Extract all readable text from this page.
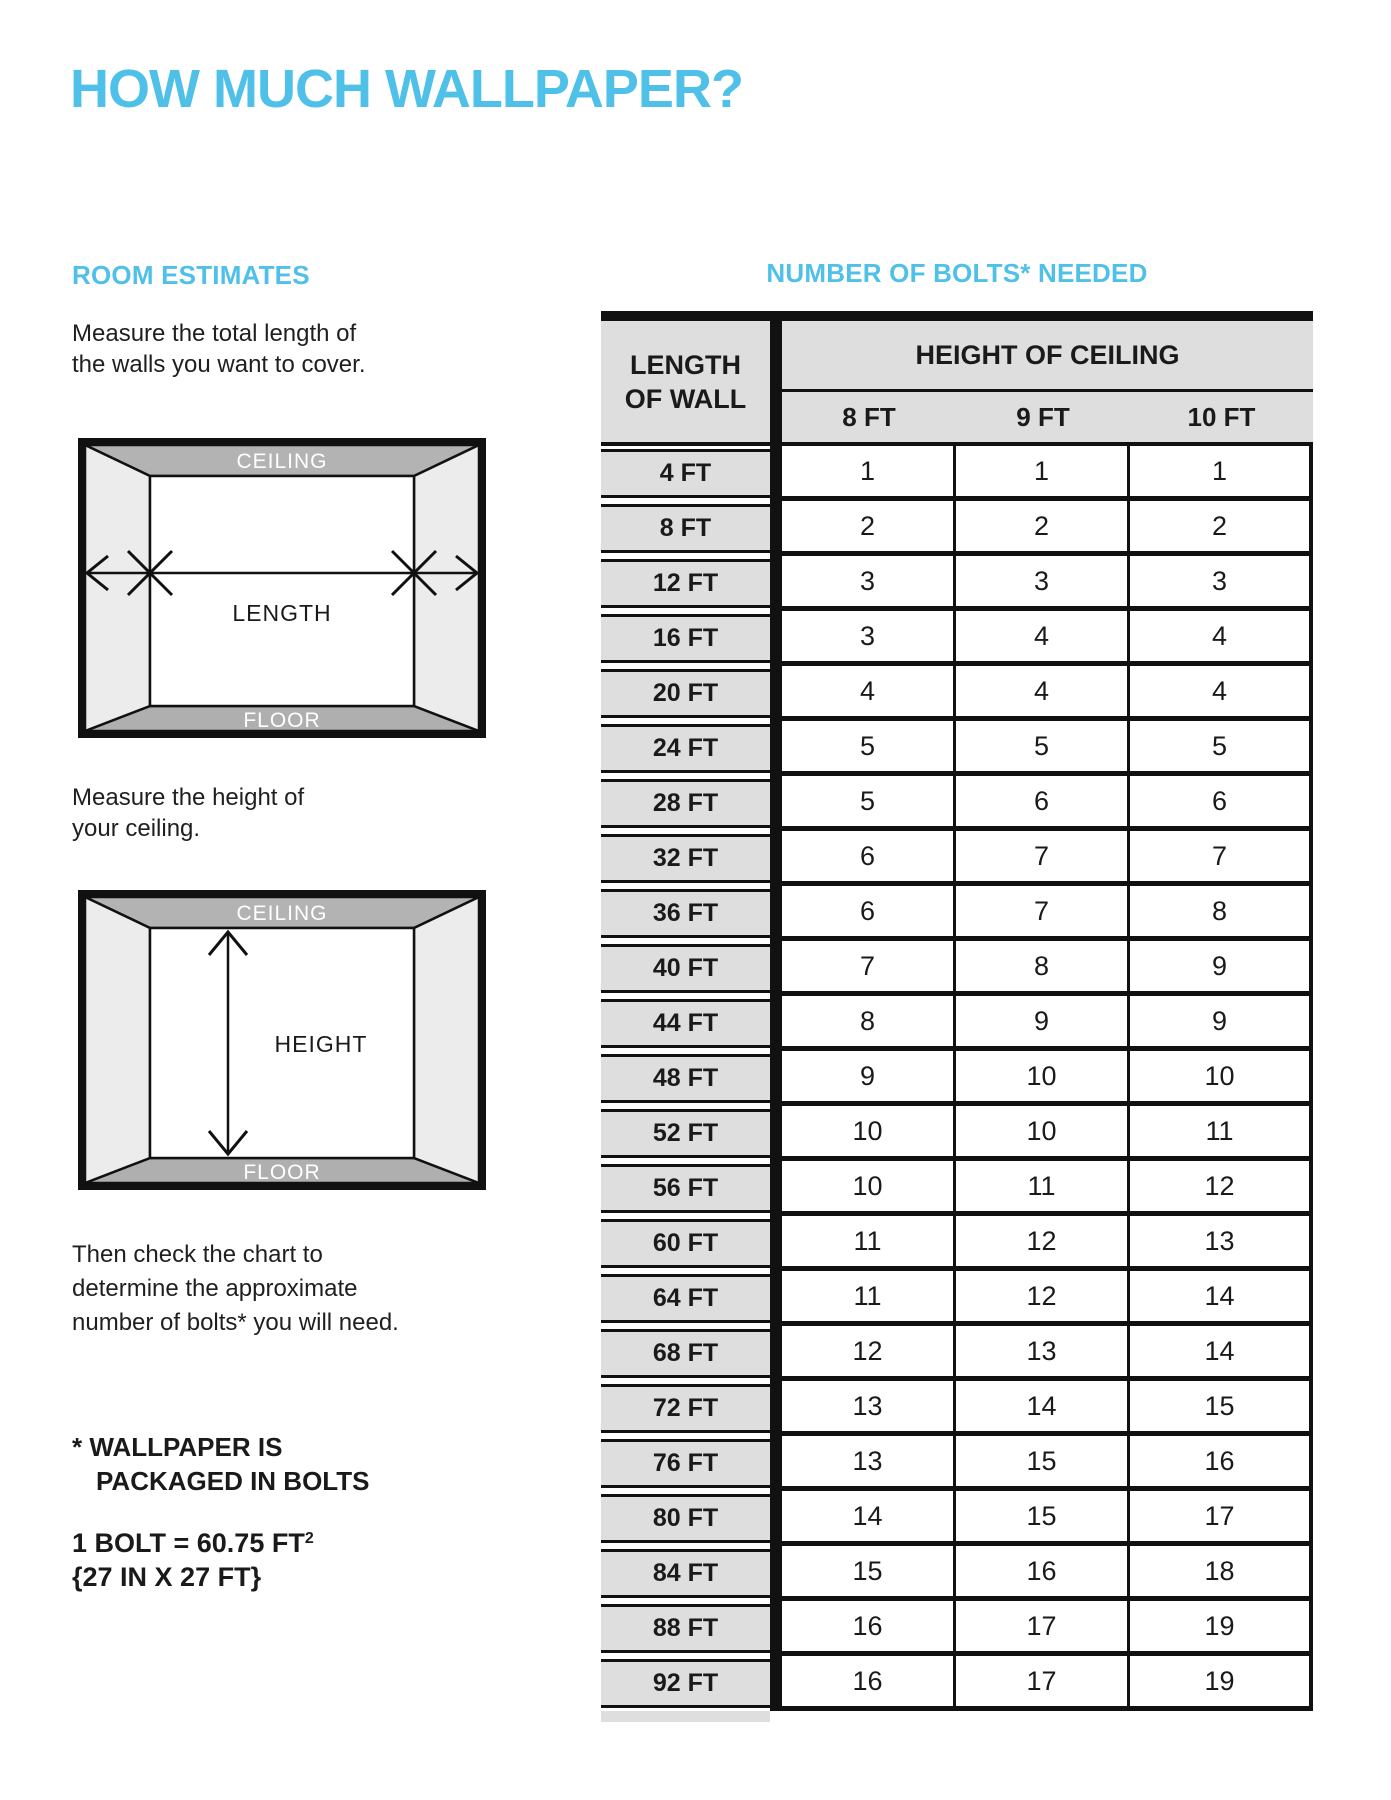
HOW MUCH WALLPAPER?
ROOM ESTIMATES
Measure the total length of
the walls you want to cover.
CEILING
LENGTH
FLOOR
Measure the height of
your ceiling.
CEILING
HEIGHT
FLOOR
Then check the chart to
determine the approximate
number of bolts* you will need.
* WALLPAPER IS
PACKAGED IN BOLTS
1 BOLT = 60.75 $FT^2$
{27 IN X 27 FT}
NUMBER OF BOLTS* NEEDED
LENGTH
OF WALL
HEIGHT OF CEILING
8 FT	9 FT	10 FT
4 FT	1	1	1
8 FT	2	2	2
12 FT	3	3	3
16 FT	3	4	4
20 FT	4	4	4
24 FT	5	5	5
28 FT	5	6	6
32 FT	6	7	7
36 FT	6	7	8
40 FT	7	8	9
44 FT	8	9	9
48 FT	9	10	10
52 FT	10	10	11
56 FT	10	11	12
60 FT	11	12	13
64 FT	11	12	14
68 FT	12	13	14
72 FT	13	14	15
76 FT	13	15	16
80 FT	14	15	17
84 FT	15	16	18
88 FT	16	17	19
92 FT	16	17	19
